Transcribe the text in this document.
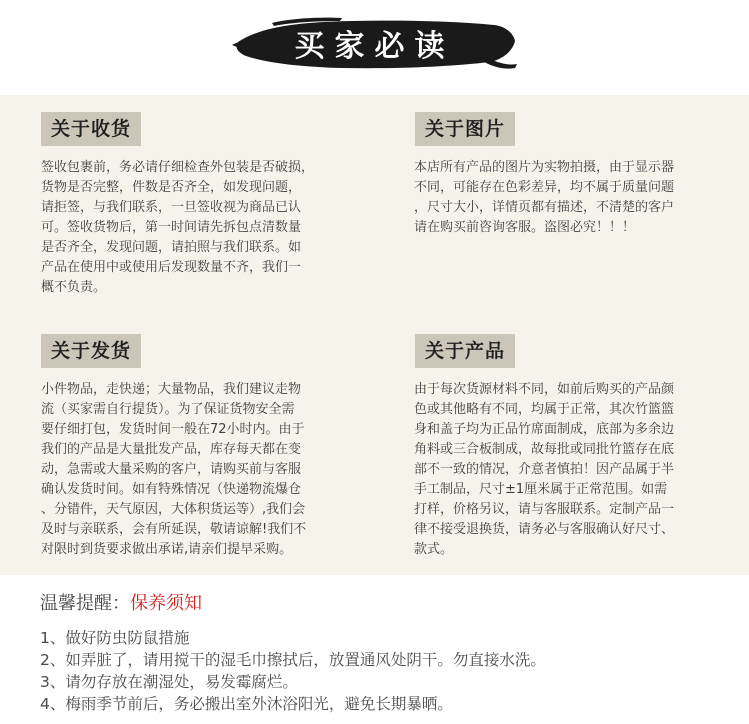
买家必读
关于收货
签收包裹前，务必请仔细检查外包装是否破损，
货物是否完整，件数是否齐全，如发现问题，
请拒签，与我们联系，一旦签收视为商品已认
可。签收货物后，第一时间请先拆包点清数量
是否齐全，发现问题，请拍照与我们联系。如
产品在使用中或使用后发现数量不齐，我们一
概不负责。
关于图片
本店所有产品的图片为实物拍摄，由于显示器
不同，可能存在色彩差异，均不属于质量问题
，尺寸大小，详情页都有描述，不清楚的客户
请在购买前咨询客服。盗图必究！！！
关于发货
小件物品，走快递；大量物品，我们建议走物
流（买家需自行提货）。为了保证货物安全需
要仔细打包，发货时间一般在72小时内。由于
我们的产品是大量批发产品，库存每天都在变
动，急需或大量采购的客户，请购买前与客服
确认发货时间。如有特殊情况（快递物流爆仓
、分错件，天气原因，大体积货运等）,我们会
及时与亲联系，会有所延误，敬请谅解!我们不
对限时到货要求做出承诺,请亲们提早采购。
关于产品
由于每次货源材料不同，如前后购买的产品颜
色或其他略有不同，均属于正常，其次竹篮篮
身和盖子均为正品竹席面制成，底部为多余边
角料或三合板制成，故每批或同批竹篮存在底
部不一致的情况，介意者慎拍！因产品属于半
手工制品，尺寸±1厘米属于正常范围。如需
打样，价格另议，请与客服联系。定制产品一
律不接受退换货，请务必与客服确认好尺寸、
款式。
温馨提醒：保养须知
1、做好防虫防鼠措施
2、如弄脏了，请用搅干的湿毛巾擦拭后，放置通风处阴干。勿直接水洗。
3、请勿存放在潮湿处，易发霉腐烂。
4、梅雨季节前后，务必搬出室外沐浴阳光，避免长期暴晒。
